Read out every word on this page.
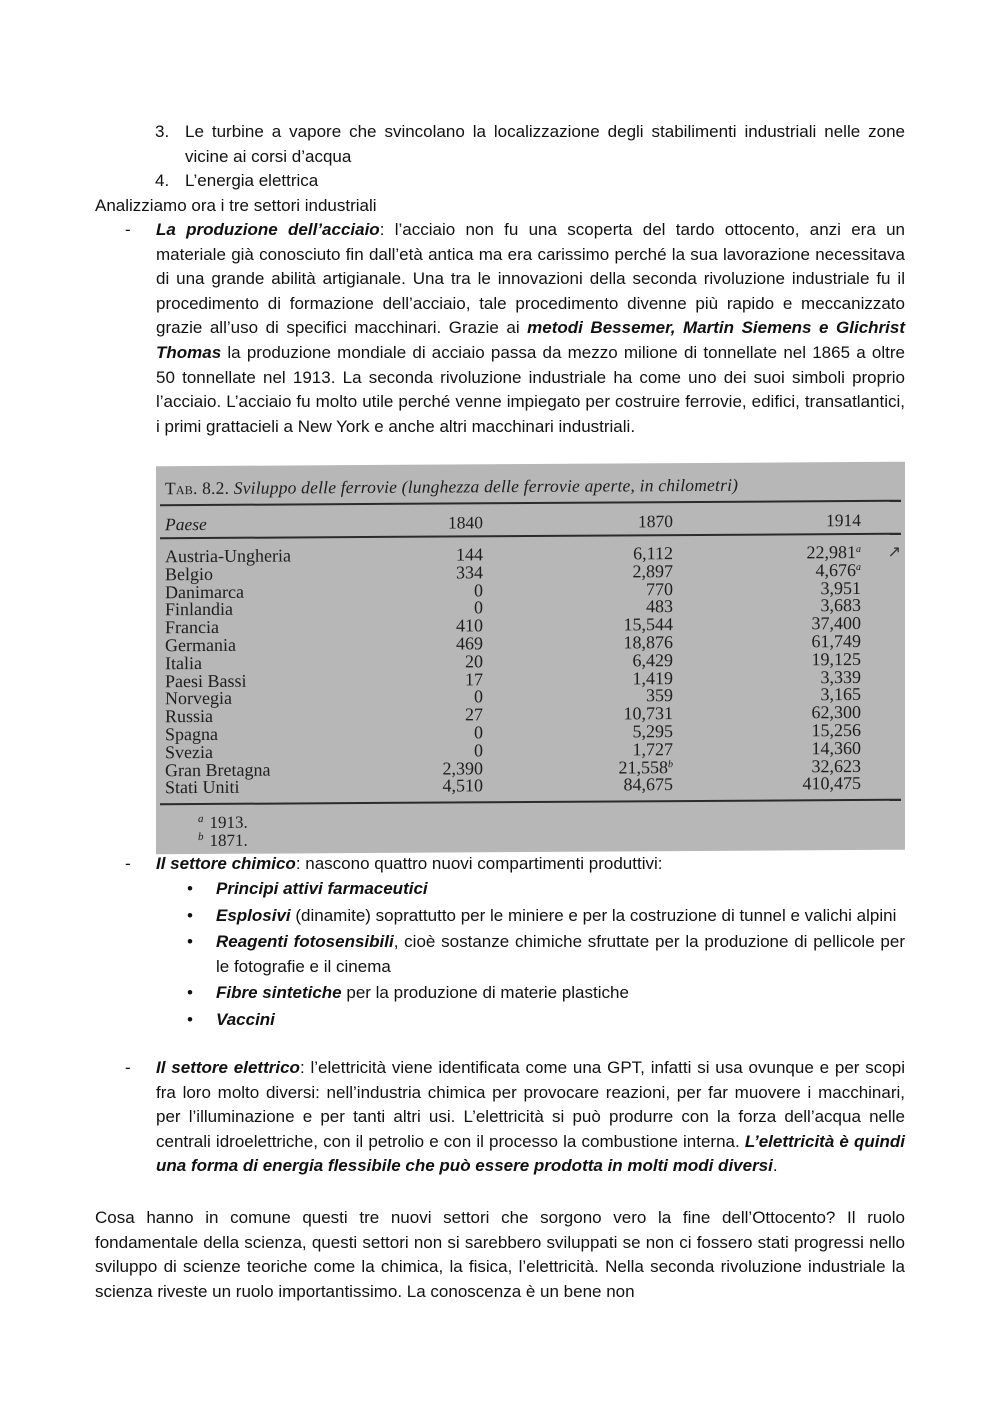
3. Le turbine a vapore che svincolano la localizzazione degli stabilimenti industriali nelle zone vicine ai corsi d’acqua

4. L’energia elettrica

Analizziamo ora i tre settori industriali

- La produzione dell’acciaio: l’acciaio non fu una scoperta del tardo ottocento, anzi era un materiale già conosciuto fin dall’età antica ma era carissimo perché la sua lavorazione necessitava di una grande abilità artigianale. Una tra le innovazioni della seconda rivoluzione industriale fu il procedimento di formazione dell’acciaio, tale procedimento divenne più rapido e meccanizzato grazie all’uso di specifici macchinari. Grazie ai metodi Bessemer, Martin Siemens e Glichrist Thomas la produzione mondiale di acciaio passa da mezzo milione di tonnellate nel 1865 a oltre 50 tonnellate nel 1913. La seconda rivoluzione industriale ha come uno dei suoi simboli proprio l’acciaio. L’acciaio fu molto utile perché venne impiegato per costruire ferrovie, edifici, transatlantici, i primi grattacieli a New York e anche altri macchinari industriali.

- Il settore chimico: nascono quattro nuovi compartimenti produttivi:

• Principi attivi farmaceutici

• Esplosivi (dinamite) soprattutto per le miniere e per la costruzione di tunnel e valichi alpini

• Reagenti fotosensibili, cioè sostanze chimiche sfruttate per la produzione di pellicole per le fotografie e il cinema

• Fibre sintetiche per la produzione di materie plastiche

• Vaccini

- Il settore elettrico: l’elettricità viene identificata come una GPT, infatti si usa ovunque e per scopi fra loro molto diversi: nell’industria chimica per provocare reazioni, per far muovere i macchinari, per l’illuminazione e per tanti altri usi. L’elettricità si può produrre con la forza dell’acqua nelle centrali idroelettriche, con il petrolio e con il processo la combustione interna. L’elettricità è quindi una forma di energia flessibile che può essere prodotta in molti modi diversi.

Cosa hanno in comune questi tre nuovi settori che sorgono vero la fine dell’Ottocento? Il ruolo fondamentale della scienza, questi settori non si sarebbero sviluppati se non ci fossero stati progressi nello sviluppo di scienze teoriche come la chimica, la fisica, l’elettricità. Nella seconda rivoluzione industriale la scienza riveste un ruolo importantissimo. La conoscenza è un bene non

Tab. 8.2. Sviluppo delle ferrovie (lunghezza delle ferrovie aperte, in chilometri)
Paese	1840	1870	1914
↗
Austria-Ungheria	144	6,112	22,981$^a$
Belgio	334	2,897	4,676$^a$
Danimarca	0	770	3,951
Finlandia	0	483	3,683
Francia	410	15,544	37,400
Germania	469	18,876	61,749
Italia	20	6,429	19,125
Paesi Bassi	17	1,419	3,339
Norvegia	0	359	3,165
Russia	27	10,731	62,300
Spagna	0	5,295	15,256
Svezia	0	1,727	14,360
Gran Bretagna	2,390	21,558$^b$	32,623
Stati Uniti	4,510	84,675	410,475
$^a$ 1913.
$^b$ 1871.
